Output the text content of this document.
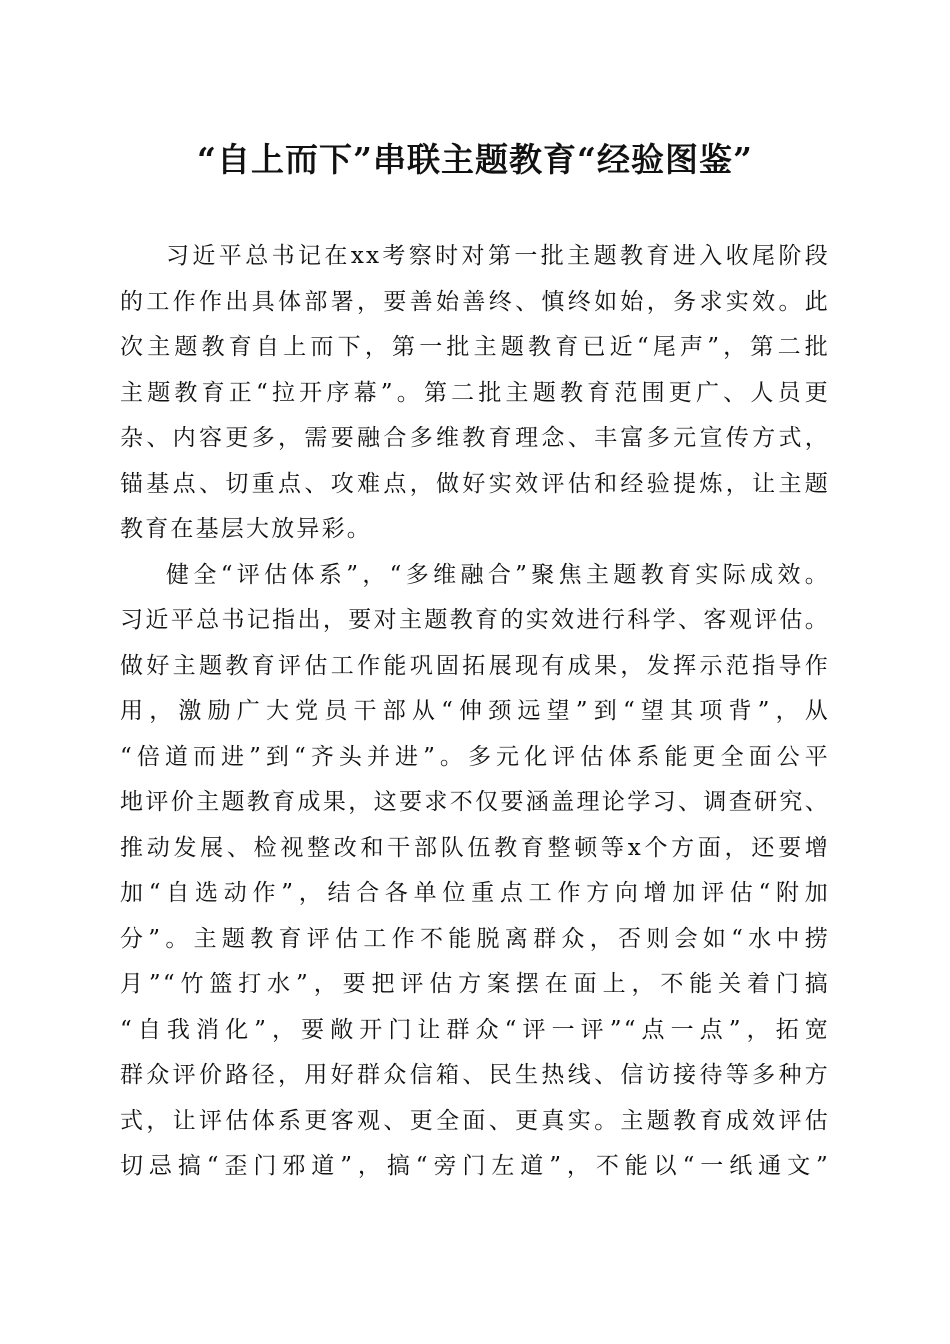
“自上而下”串联主题教育“经验图鉴”
习近平总书记在xx考察时对第一批主题教育进入收尾阶段
的工作作出具体部署，要善始善终、慎终如始，务求实效。此
次主题教育自上而下，第一批主题教育已近“尾声”，第二批
主题教育正“拉开序幕”。第二批主题教育范围更广、人员更
杂、内容更多，需要融合多维教育理念、丰富多元宣传方式，
锚基点、切重点、攻难点，做好实效评估和经验提炼，让主题
教育在基层大放异彩。
健全“评估体系”，“多维融合”聚焦主题教育实际成效。
习近平总书记指出，要对主题教育的实效进行科学、客观评估。
做好主题教育评估工作能巩固拓展现有成果，发挥示范指导作
用，激励广大党员干部从“伸颈远望”到“望其项背”，从
“倍道而进”到“齐头并进”。多元化评估体系能更全面公平
地评价主题教育成果，这要求不仅要涵盖理论学习、调查研究、
推动发展、检视整改和干部队伍教育整顿等x个方面，还要增
加“自选动作”，结合各单位重点工作方向增加评估“附加
分”。主题教育评估工作不能脱离群众，否则会如“水中捞
月”“竹篮打水”，要把评估方案摆在面上，不能关着门搞
“自我消化”，要敞开门让群众“评一评”“点一点”，拓宽
群众评价路径，用好群众信箱、民生热线、信访接待等多种方
式，让评估体系更客观、更全面、更真实。主题教育成效评估
切忌搞“歪门邪道”，搞“旁门左道”，不能以“一纸通文”
